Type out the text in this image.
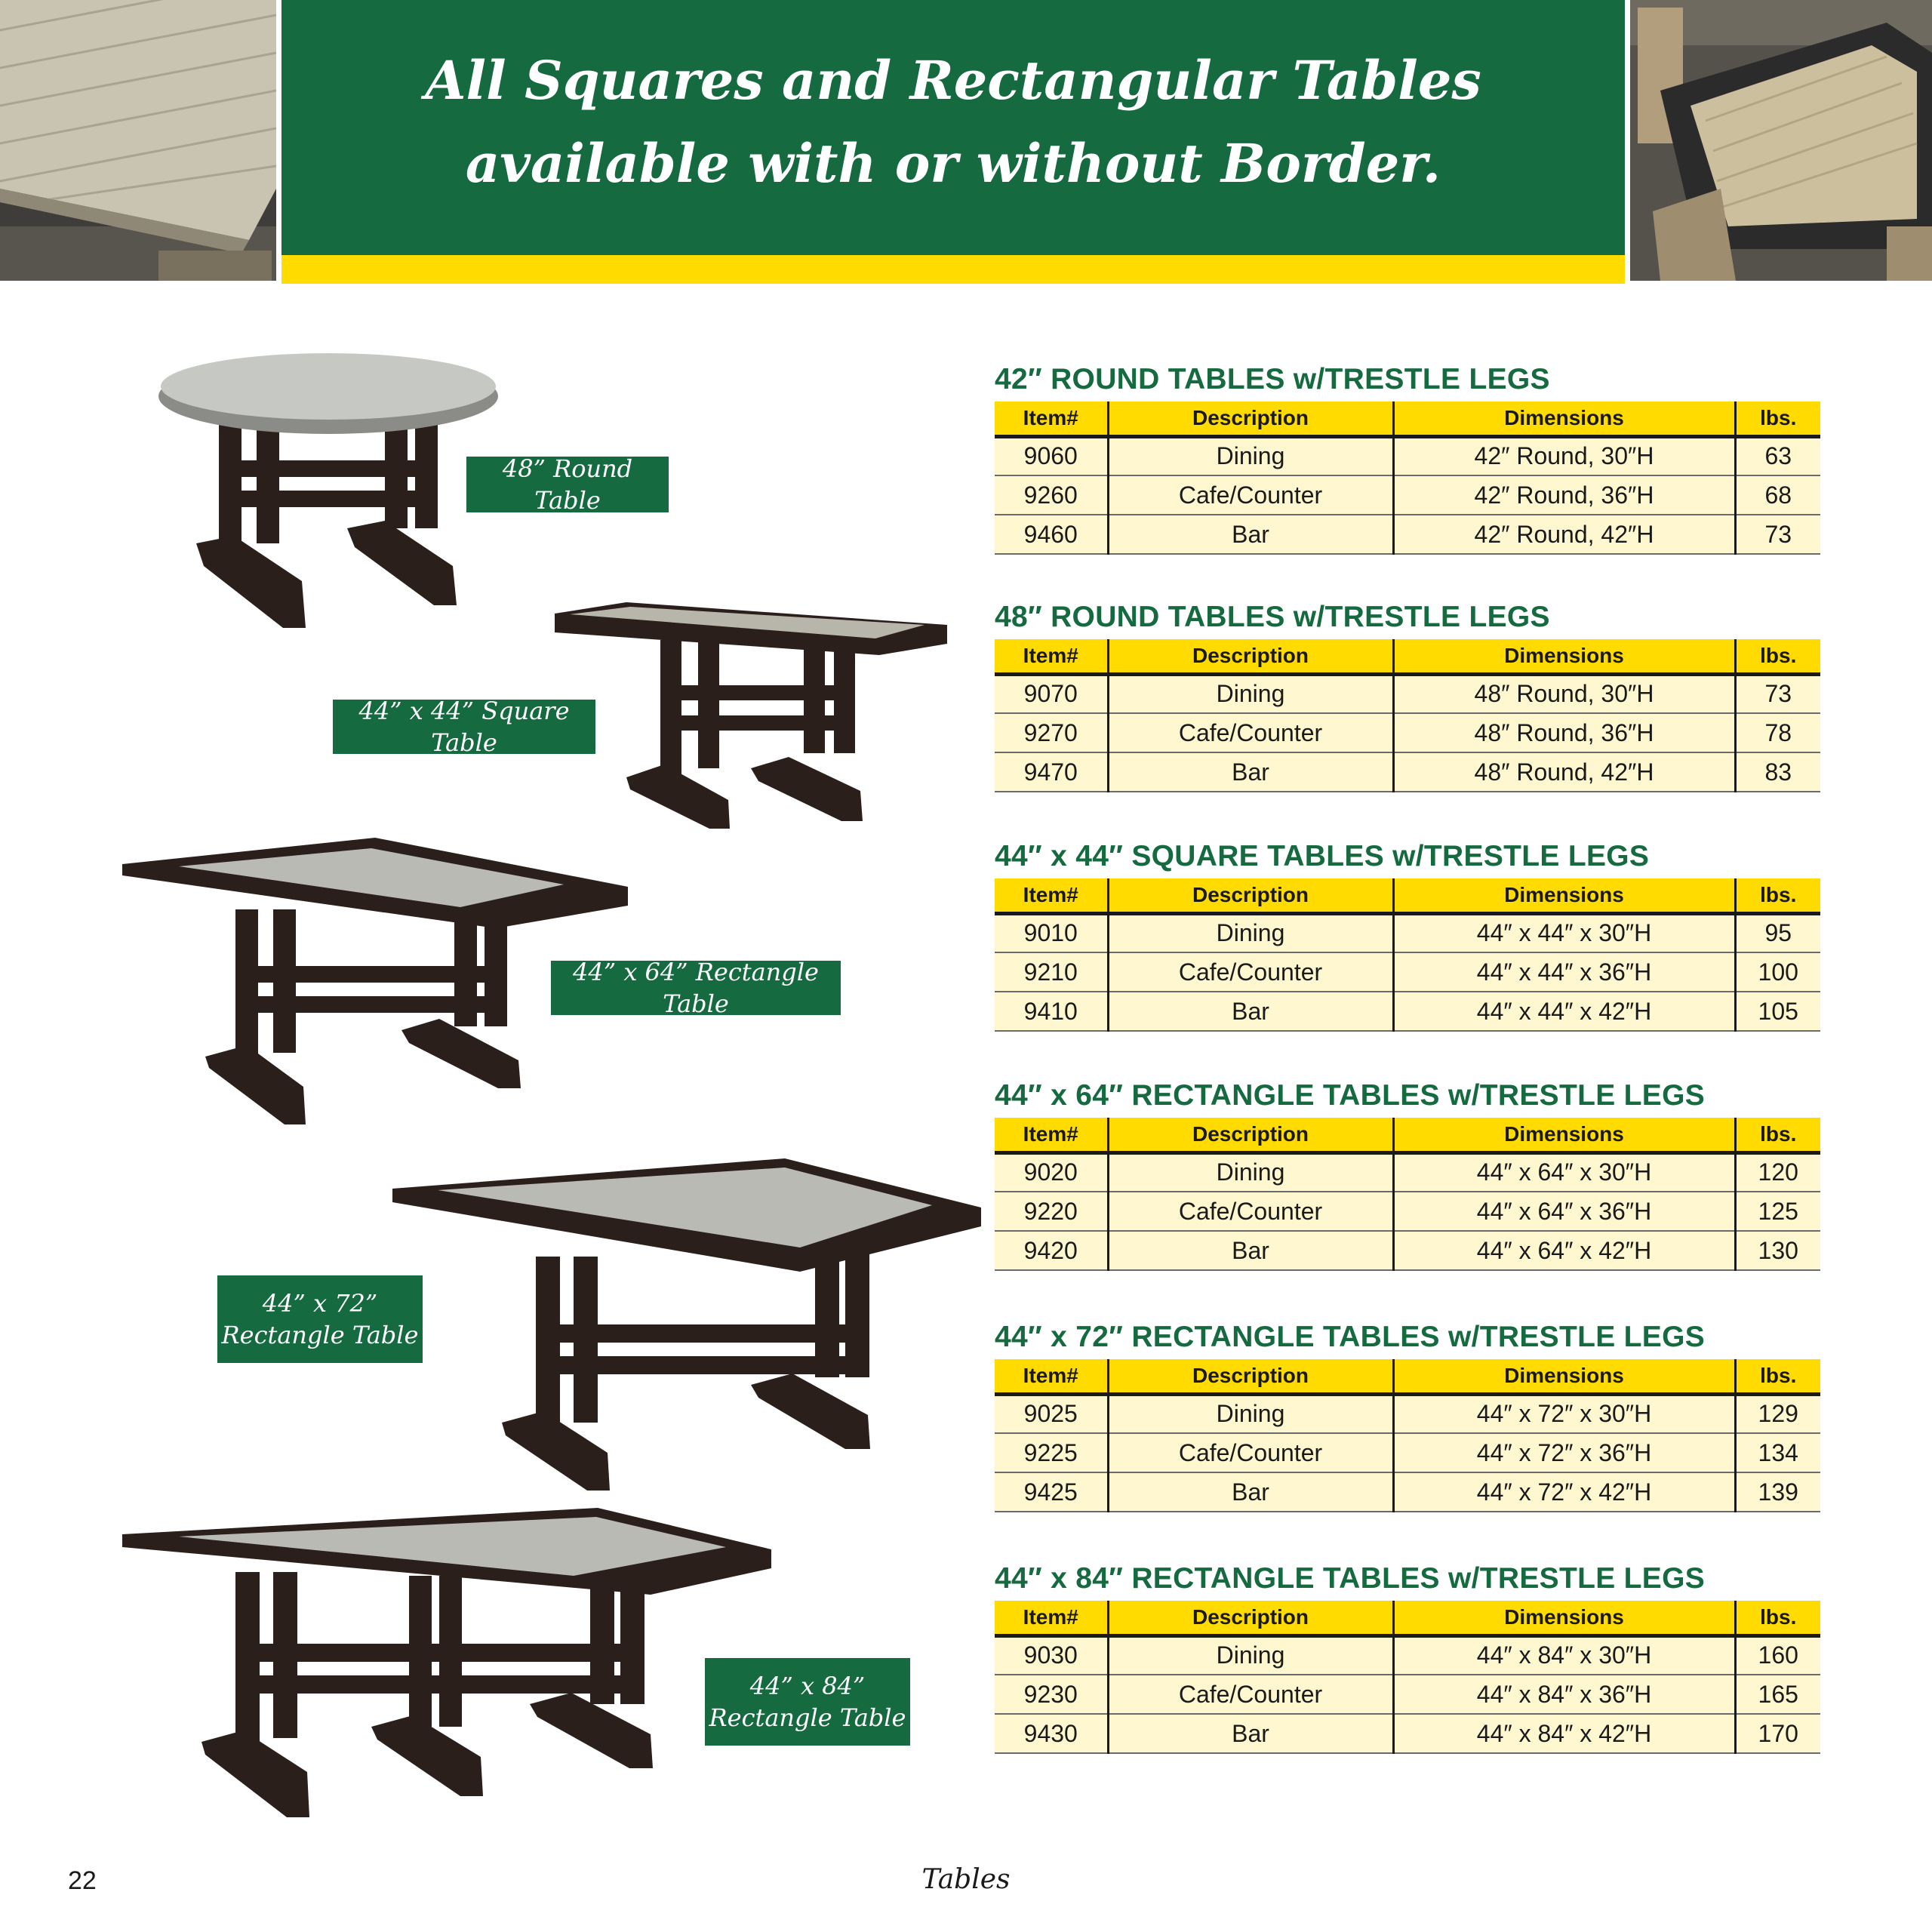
All Squares and Rectangular Tables
available with or without Border.
48” Round Table
44” x 44” Square Table
44” x 64” Rectangle Table
44” x 72”
Rectangle Table
44” x 84”
Rectangle Table
42″ ROUND TABLES w/TRESTLE LEGS
Item#	Description	Dimensions	lbs.
9060	Dining	42″ Round, 30″H	63
9260	Cafe/Counter	42″ Round, 36″H	68
9460	Bar	42″ Round, 42″H	73
48″ ROUND TABLES w/TRESTLE LEGS
Item#	Description	Dimensions	lbs.
9070	Dining	48″ Round, 30″H	73
9270	Cafe/Counter	48″ Round, 36″H	78
9470	Bar	48″ Round, 42″H	83
44″ x 44″ SQUARE TABLES w/TRESTLE LEGS
Item#	Description	Dimensions	lbs.
9010	Dining	44″ x 44″ x 30″H	95
9210	Cafe/Counter	44″ x 44″ x 36″H	100
9410	Bar	44″ x 44″ x 42″H	105
44″ x 64″ RECTANGLE TABLES w/TRESTLE LEGS
Item#	Description	Dimensions	lbs.
9020	Dining	44″ x 64″ x 30″H	120
9220	Cafe/Counter	44″ x 64″ x 36″H	125
9420	Bar	44″ x 64″ x 42″H	130
44″ x 72″ RECTANGLE TABLES w/TRESTLE LEGS
Item#	Description	Dimensions	lbs.
9025	Dining	44″ x 72″ x 30″H	129
9225	Cafe/Counter	44″ x 72″ x 36″H	134
9425	Bar	44″ x 72″ x 42″H	139
44″ x 84″ RECTANGLE TABLES w/TRESTLE LEGS
Item#	Description	Dimensions	lbs.
9030	Dining	44″ x 84″ x 30″H	160
9230	Cafe/Counter	44″ x 84″ x 36″H	165
9430	Bar	44″ x 84″ x 42″H	170
22	Tables
